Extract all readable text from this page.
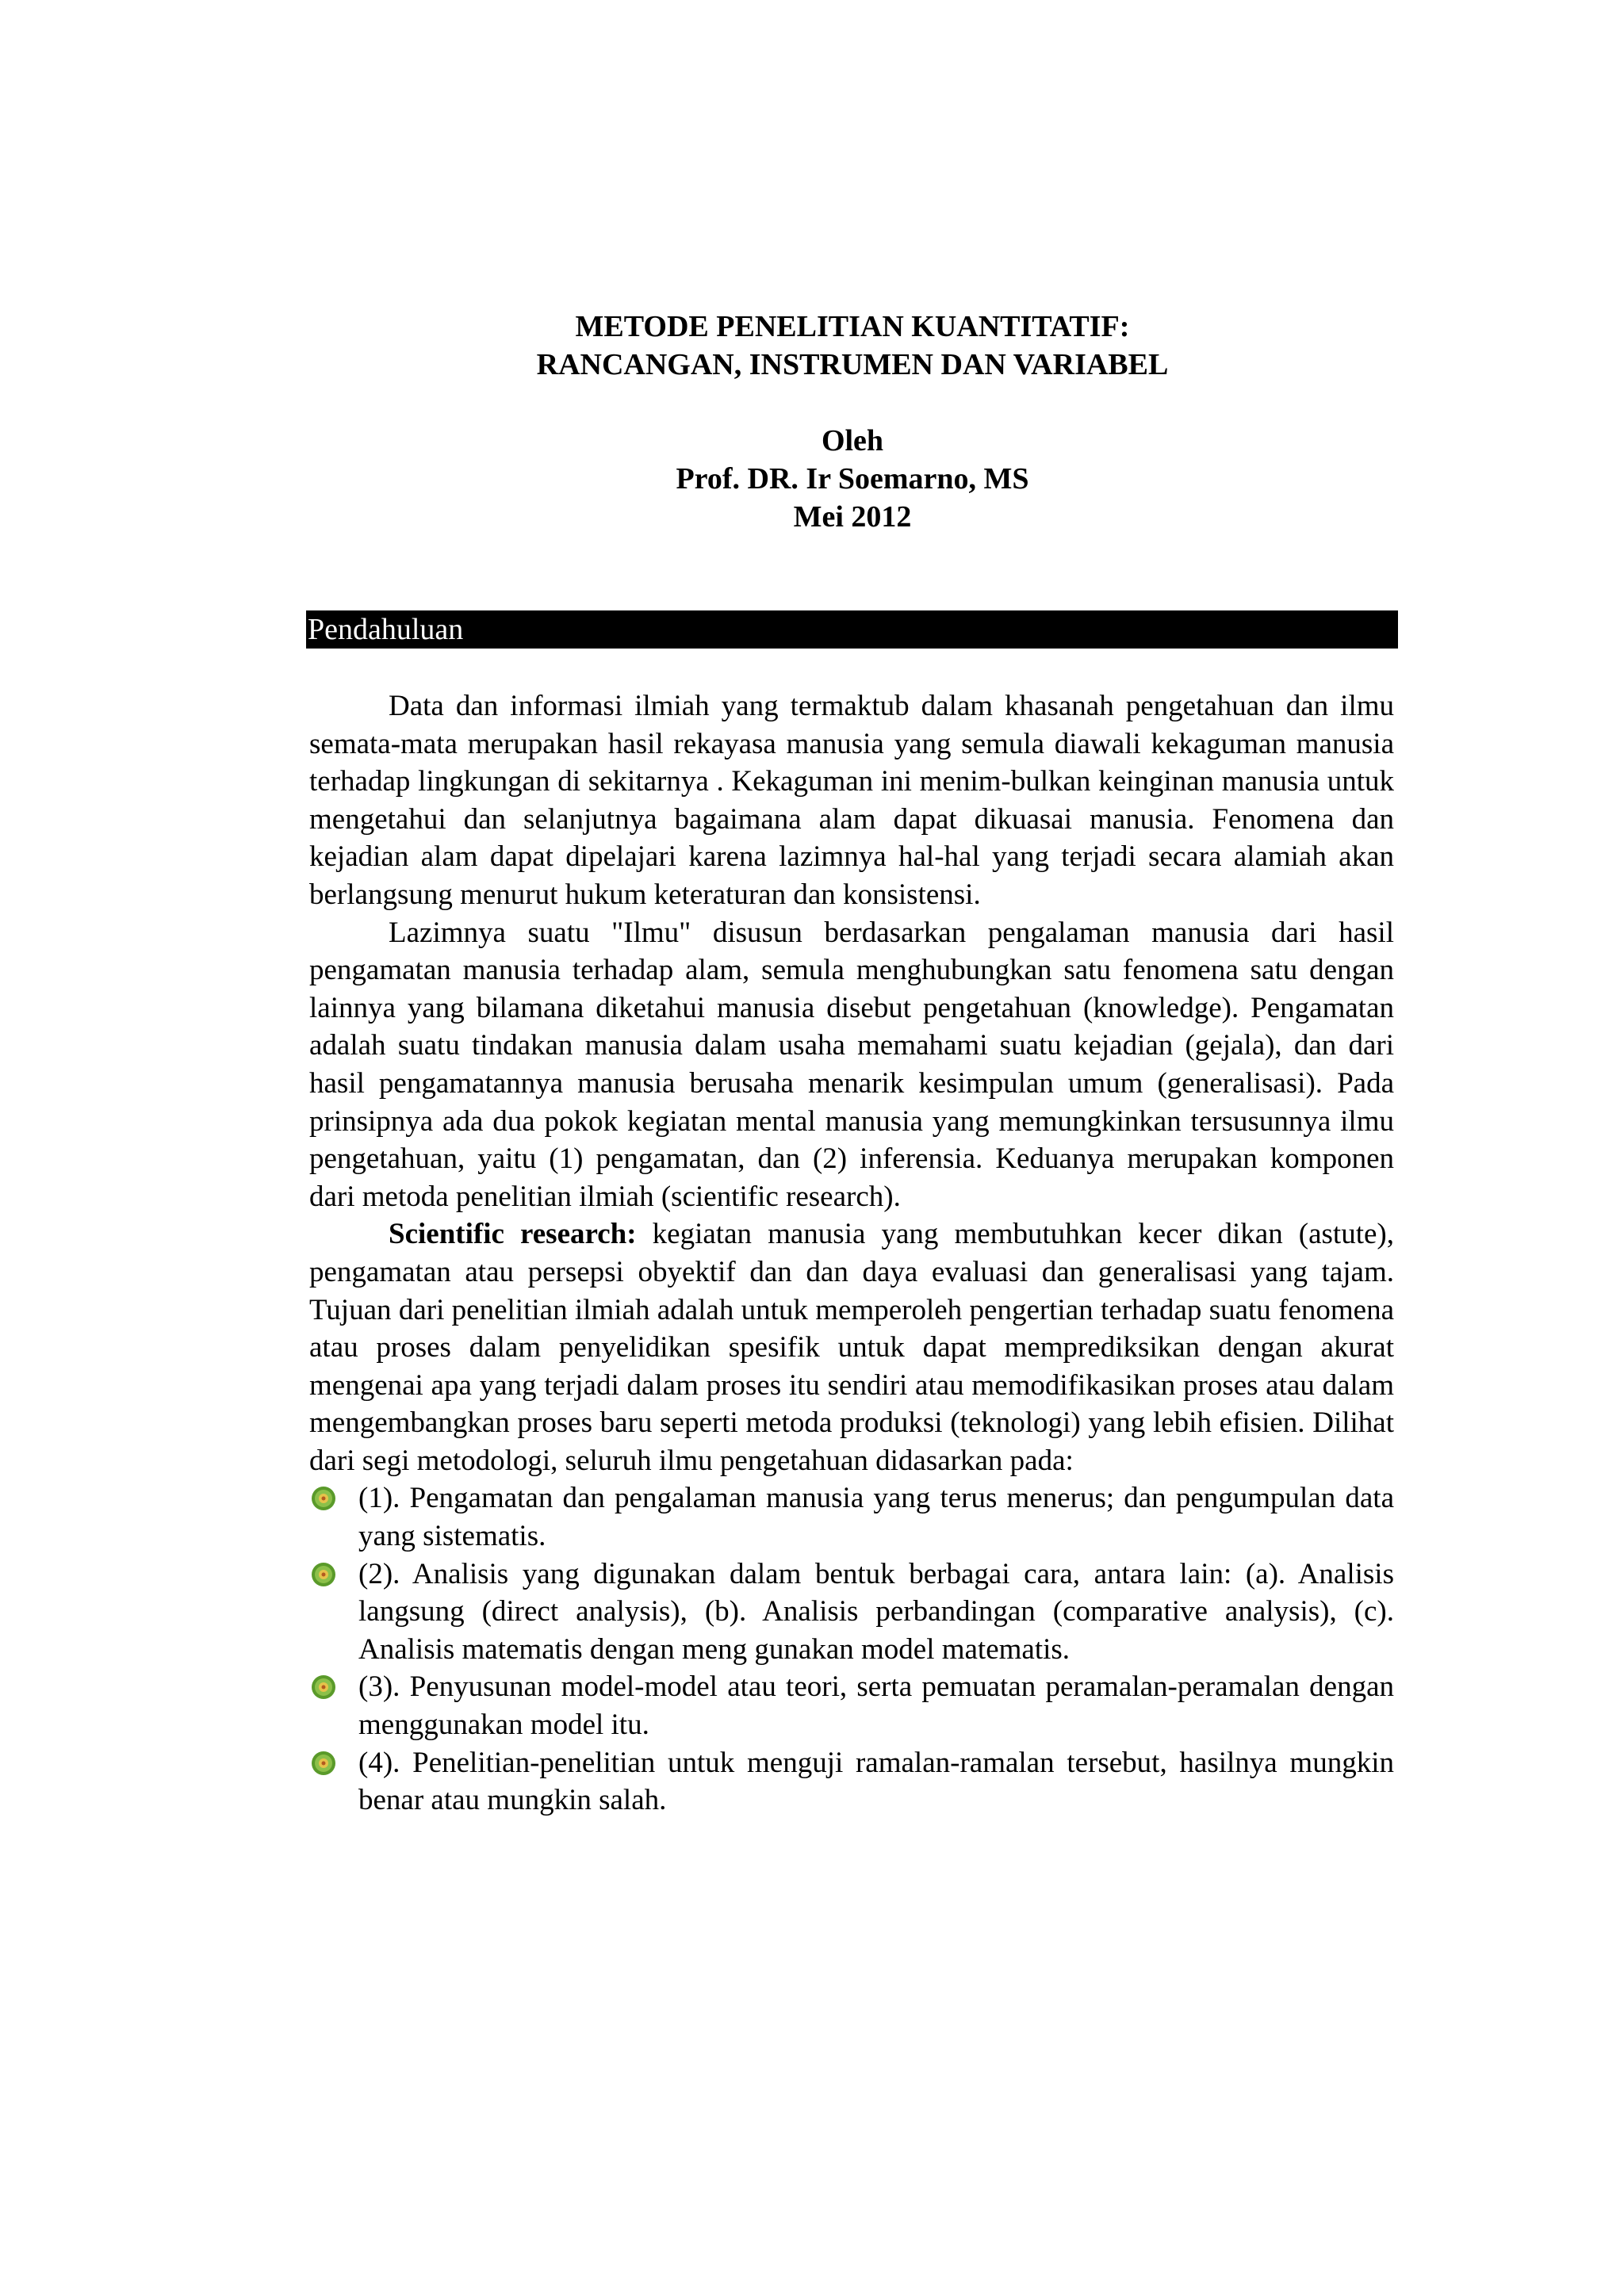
METODE PENELITIAN KUANTITATIF:
RANCANGAN, INSTRUMEN DAN VARIABEL
Oleh
Prof. DR. Ir Soemarno, MS
Mei 2012
Pendahuluan

Data dan informasi ilmiah yang termaktub dalam khasanah pengetahuan dan ilmu semata-mata merupakan hasil rekayasa manusia yang semula diawali kekaguman manusia terhadap lingkungan di sekitarnya . Kekaguman ini menim-bulkan keinginan manusia untuk mengetahui dan selanjutnya bagaimana alam dapat dikuasai manusia. Fenomena dan kejadian alam dapat dipelajari karena lazimnya hal-hal yang terjadi secara alamiah akan berlangsung menurut hukum keteraturan dan konsistensi.

Lazimnya suatu "Ilmu" disusun berdasarkan pengalaman manusia dari hasil pengamatan manusia terhadap alam, semula menghubungkan satu fenomena satu dengan lainnya yang bilamana diketahui manusia disebut pengetahuan (knowledge). Pengamatan adalah suatu tindakan manusia dalam usaha memahami suatu kejadian (gejala), dan dari hasil pengamatannya manusia berusaha menarik kesimpulan umum (generalisasi). Pada prinsipnya ada dua pokok kegiatan mental manusia yang memungkinkan tersusunnya ilmu pengetahuan, yaitu (1) pengamatan, dan (2) inferensia. Keduanya merupakan komponen dari metoda penelitian ilmiah (scientific research).

Scientific research: kegiatan manusia yang membutuhkan kecer dikan (astute), pengamatan atau persepsi obyektif dan dan daya evaluasi dan generalisasi yang tajam. Tujuan dari penelitian ilmiah adalah untuk memperoleh pengertian terhadap suatu fenomena atau proses dalam penyelidikan spesifik untuk dapat memprediksikan dengan akurat mengenai apa yang terjadi dalam proses itu sendiri atau memodifikasikan proses atau dalam mengembangkan proses baru seperti metoda produksi (teknologi) yang lebih efisien. Dilihat dari segi metodologi, seluruh ilmu pengetahuan didasarkan pada:

(1). Pengamatan dan pengalaman manusia yang terus menerus; dan pengumpulan data yang sistematis.
(2). Analisis yang digunakan dalam bentuk berbagai cara, antara lain: (a). Analisis langsung (direct analysis), (b). Analisis perbandingan (comparative analysis), (c). Analisis matematis dengan meng gunakan model matematis.
(3). Penyusunan model-model atau teori, serta pemuatan peramalan-peramalan dengan menggunakan model itu.
(4). Penelitian-penelitian untuk menguji ramalan-ramalan tersebut, hasilnya mungkin benar atau mungkin salah.
